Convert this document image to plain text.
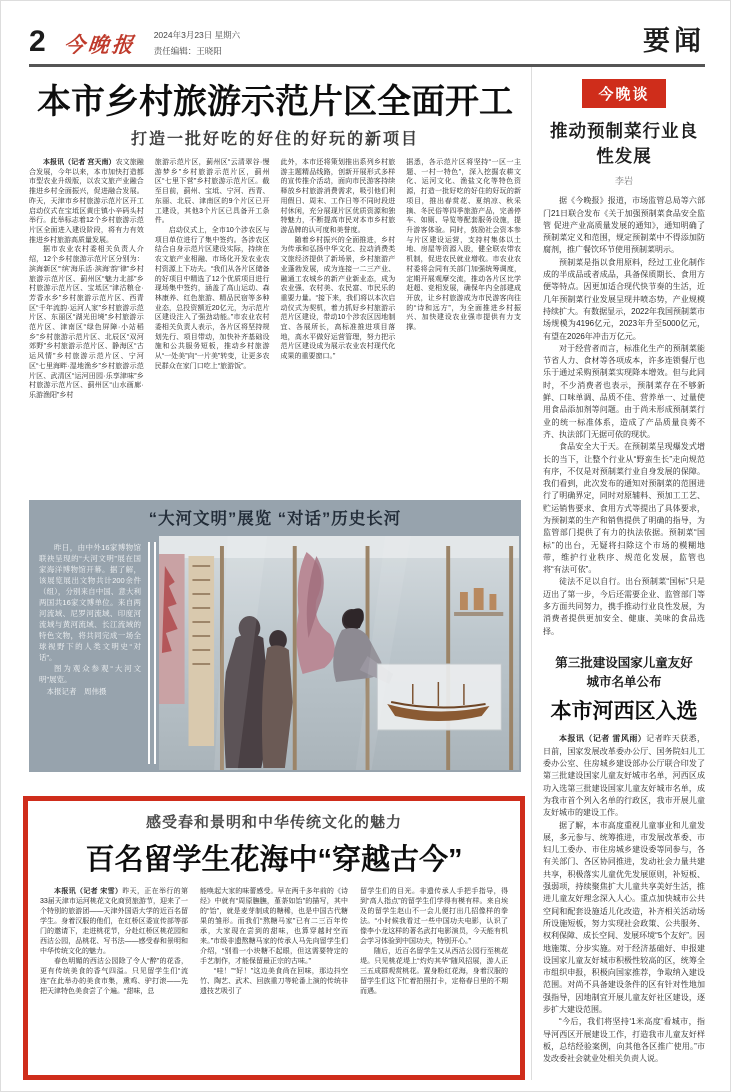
2 今晚报 2024年3月23日 星期六
责任编辑：王晓阳	要闻
本市乡村旅游示范片区全面开工
打造一批好吃的好住的好玩的新项目

本报讯（记者 宫天南）农文旅融合发展，今年以来，本市加快打造都市型农业升级版，以农文旅产业融合推进乡村全面振兴，促进融合发展。昨天，天津市乡村旅游示范片区开工启动仪式在宝坻区黄庄镇小辛码头村举行。此举标志着12个乡村旅游示范片区全面进入建设阶段，将有力有效推进乡村旅游高质量发展。

据市农业农村委相关负责人介绍，12个乡村旅游示范片区分别为：滨海新区“‘缤’海乐活·滨海‘韵’律”乡村旅游示范片区、蓟州区“魅力北部”乡村旅游示范片区、宝坻区“津沽粮仓·芳香水乡”乡村旅游示范片区、西青区“千年流韵·运河人家”乡村旅游示范片区、东丽区“湖光田境”乡村旅游示范片区、津南区“绿色屏障·小站稻乡”乡村旅游示范片区、北辰区“双河郊野”乡村旅游示范片区、静海区“古运风情”乡村旅游示范片区、宁河区“七里海畔·湿地渔乡”乡村旅游示范片区、武清区“运河田园·乐享津味”乡村旅游示范片区、蓟州区“山水画廊·乐游渔阳”乡村

旅游示范片区，蓟州区“云清翠谷·慢游梦乡”乡村旅游示范片区，蓟州区“七里下营”乡村旅游示范片区。截至目前，蓟州、宝坻、宁河、西青、东丽、北辰、津南区的9个片区已开工建设，其他3个片区已具备开工条件。

启动仪式上，全市10个涉农区与项目单位进行了集中签约。各涉农区结合自身示范片区建设实际，持续在农文旅产业相融、市场化开发农业农村资源上下功夫。“我们从各片区储备的好项目中精选了12个优质项目进行现场集中签约，涵盖了高山运动、森林康养、红色旅游、精品民宿等多种业态，总投资额近20亿元，为示范片区建设注入了强劲动能。”市农业农村委相关负责人表示，各片区将坚持规划先行、项目带动，加快补齐基础设施和公共服务短板，推动乡村旅游从“一处美”向“一片美”转变，让更多农民群众在家门口吃上“旅游饭”。

此外，本市还将策划推出系列乡村旅游主题精品线路，创新开展形式多样的宣传推介活动，面向市民游客持续释放乡村旅游消费需求，吸引他们利用假日、周末、工作日等不同时段进村休闲，充分展现片区优质资源和独特魅力，不断提高市民对本市乡村旅游品牌的认可度和美誉度。

随着乡村振兴的全面推进，乡村为传承和弘扬中华文化、拉动消费类文旅经济提供了新场景，乡村旅游产业蓬勃发展，成为连接一二三产业、融通工农城乡的新产业新业态，成为农业强、农村美、农民富、市民乐的重要力量。“接下来，我们将以本次启动仪式为契机，着力抓好乡村旅游示范片区建设，带动10个涉农区因地制宜、各展所长，高标准推进项目落地，高水平做好运营管理，努力把示范片区建设成为展示农业农村现代化成果的重要窗口。”

据悉，各示范片区将坚持“一区一主题、一村一特色”，深入挖掘农耕文化、运河文化、渔盐文化等特色资源，打造一批好吃的好住的好玩的新项目，推出春赏花、夏纳凉、秋采摘、冬民俗等四季旅游产品，完善停车、如厕、导览等配套服务设施，提升游客体验。同时，鼓励社会资本参与片区建设运营，支持村集体以土地、房屋等资源入股，健全联农带农机制，促进农民就业增收。市农业农村委将会同有关部门加强统筹调度，定期开展观摩交流，推动各片区比学赶超、竞相发展，确保年内全部建成开放，让乡村旅游成为市民游客向往的“诗和远方”，为全面推进乡村振兴、加快建设农业强市提供有力支撑。

“大河文明”展览 “对话”历史长河

昨日，由中外16家博物馆联袂呈现的“大河文明”展在国家海洋博物馆开幕。据了解，该展览展出文物共计200余件（组），分别来自中国、意大利两国共16家文博单位。来自两河流域、尼罗河流域、印度河流域与黄河流域、长江流域的特色文物，将共同完成一场全球视野下的人类文明史“对话”。

图为观众参观“大河文明”展览。

本报记者　周伟摄

感受春和景明和中华传统文化的魅力
百名留学生花海中“穿越古今”

本报讯（记者 宋雪）昨天，正在举行的第33届天津市运河桃花文化商贸旅游节，迎来了一个特别的旅游团——天津外国语大学的近百名留学生。身着汉服的他们，在红桥区委宣传部等部门的邀请下，走进桃花节，分赴红桥区桃花园和西沽公园，品桃花、写书法——感受春和景明和中华传统文化的魅力。

春色明媚的西沽公园除了令人“醉”的花香，更有传统美食的香气四溢。只见留学生们“流连”在此举办的美食市集，熏鸡、驴打滚——先把天津特色美食尝了个遍。“甜味，总

能唤起大家的味蕾感受。早在两千多年前的《诗经》中就有“周原膴膴，堇荼如饴”的描写，其中的“饴”，就是麦芽制成的糖稀，也是中国古代糖果的雏形。而我们“熬糖马家”已有二三百年传承，大家现在尝到的甜味，也算穿越时空而来。”市级非遗熬糖马家的传承人马先向留学生们介绍，“别看一小块糖不起眼，但这需要特定的手艺制作，才能保留最正宗的古味。”

“哇！”“好！”这边美食尚在回味，那边抖空竹、陶艺、武术、回族重刀等轮番上演的传统非遗技艺吸引了

留学生们的目光。非遗传承人手把手指导，得到“高人指点”的留学生们学得有模有样。来自埃及的留学生赵山不一会儿便打出几招像样的拳法。“小时候我看过一些中国功夫电影，认识了像李小龙这样的著名武打电影演员，今天能有机会学习体验到中国功夫，特别开心。”

随后，近百名留学生又从西沽公园行至桃花堤。只见桃花堤上“灼灼其华”随风招展，游人正三五成群观赏桃花。置身粉红花海，身着汉服的留学生们这下忙着拍照打卡，定格春日里的不期而遇。

今晚谈
推动预制菜行业良性发展
李岩

据《今晚报》报道，市场监管总局等六部门21日联合发布《关于加强预制菜食品安全监管 促进产业高质量发展的通知》，通知明确了预制菜定义和范围，规定预制菜中不得添加防腐剂，推广餐饮环节使用预制菜明示。

预制菜是指以食用原料，经过工业化制作成的半成品或者成品，具备保质期长、食用方便等特点。因更加适合现代快节奏的生活，近几年预制菜行业发展呈现井喷态势，产业规模持续扩大。有数据显示，2022年我国预制菜市场规模为4196亿元，2023年升至5000亿元，有望在2026年冲击万亿元。

对于经营者而言，标准化生产的预制菜能节省人力、食材等各项成本，许多连锁餐厅也乐于通过采购预制菜实现降本增效。但与此同时，不少消费者也表示，预制菜存在不够新鲜、口味单调、品质不佳、营养单一、过量使用食品添加剂等问题。由于尚未形成预制菜行业的统一标准体系，造成了产品质量良莠不齐、执法部门无据可依的现状。

食品安全大于天。在预制菜呈现爆发式增长的当下，让整个行业从“野蛮生长”走向规范有序，不仅是对预制菜行业自身发展的保障。我们看到，此次发布的通知对预制菜的范围进行了明确界定，同时对原辅料、预加工工艺、贮运销售要求、食用方式等提出了具体要求，为预制菜的生产和销售提供了明确的指导，为监管部门提供了有力的执法依据。预制菜“国标”的出台，无疑将扫除这个市场的模糊地带，维护行业秩序、规范化发展，监管也将“有法可依”。

徒法不足以自行。出台预制菜“国标”只是迈出了第一步，今后还需要企业、监管部门等多方面共同努力，携手推动行业良性发展，为消费者提供更加安全、健康、美味的食品选择。

第三批建设国家儿童友好城市名单公布
本市河西区入选

本报讯（记者 雷风雨）记者昨天获悉，日前，国家发展改革委办公厅、国务院妇儿工委办公室、住房城乡建设部办公厅联合印发了第三批建设国家儿童友好城市名单，河西区成功入选第三批建设国家儿童友好城市名单，成为我市首个列入名单的行政区，我市开展儿童友好城市的建设工作。

据了解，本市高度重视儿童事业和儿童发展，多元参与、统筹推进，市发展改革委、市妇儿工委办、市住房城乡建设委等同参与，各有关部门、各区协同推进，发动社会力量共建共享，积极落实儿童优先发展原则，补短板、强弱项，持续聚焦扩大儿童共享美好生活，推进儿童友好理念深入人心。重点加快城市公共空间和配套设施适儿化改造，补齐相关活动场所设施短板，努力实现社会政策、公共服务、权利保障、成长空间、发展环境“5个友好”。因地施策、分步实施。对于经济基础好、申报建设国家儿童友好城市积极性较高的区，统筹全市组织申报，积极向国家推荐，争取纳入建设范围。对尚不具备建设条件的区有针对性地加强指导，因地制宜开展儿童友好社区建设，逐步扩大建设范围。

“今后，我们将坚持‘1米高度’看城市，指导河西区开展建设工作，打造我市儿童友好样板，总结经验案例，向其他各区推广使用。”市发改委社会就业处相关负责人说。
